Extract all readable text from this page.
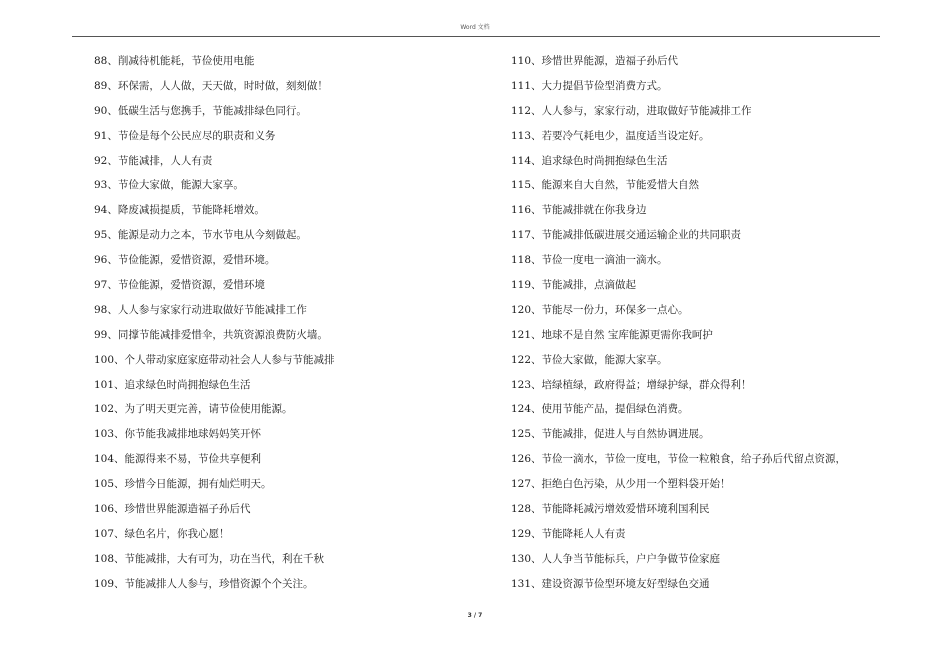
Word 文档
88、削减待机能耗，节俭使用电能
89、环保需，人人做，天天做，时时做，刻刻做！
90、低碳生活与您携手，节能减排绿色同行。
91、节俭是每个公民应尽的职责和义务
92、节能减排，人人有责
93、节俭大家做，能源大家享。
94、降废减损提质，节能降耗增效。
95、能源是动力之本，节水节电从今刻做起。
96、节俭能源，爱惜资源，爱惜环境。
97、节俭能源，爱惜资源，爱惜环境
98、人人参与家家行动进取做好节能减排工作
99、同撑节能减排爱惜伞，共筑资源浪费防火墙。
100、个人带动家庭家庭带动社会人人参与节能减排
101、追求绿色时尚拥抱绿色生活
102、为了明天更完善，请节俭使用能源。
103、你节能我减排地球妈妈笑开怀
104、能源得来不易，节俭共享便利
105、珍惜今日能源，拥有灿烂明天。
106、珍惜世界能源造福子孙后代
107、绿色名片，你我心愿！
108、节能减排，大有可为，功在当代，利在千秋
109、节能减排人人参与，珍惜资源个个关注。
110、珍惜世界能源，造福子孙后代
111、大力提倡节俭型消费方式。
112、人人参与，家家行动，进取做好节能减排工作
113、若要冷气耗电少，温度适当设定好。
114、追求绿色时尚拥抱绿色生活
115、能源来自大自然，节能爱惜大自然
116、节能减排就在你我身边
117、节能减排低碳进展交通运输企业的共同职责
118、节俭一度电一滴油一滴水。
119、节能减排，点滴做起
120、节能尽一份力，环保多一点心。
121、地球不是自然 宝库能源更需你我呵护
122、节俭大家做，能源大家享。
123、培绿植绿，政府得益；增绿护绿，群众得利！
124、使用节能产品，提倡绿色消费。
125、节能减排，促进人与自然协调进展。
126、节俭一滴水，节俭一度电，节俭一粒粮食，给子孙后代留点资源，
127、拒绝白色污染，从少用一个塑料袋开始！
128、节能降耗减污增效爱惜环境利国利民
129、节能降耗人人有责
130、人人争当节能标兵，户户争做节俭家庭
131、建设资源节俭型环境友好型绿色交通
3 / 7
